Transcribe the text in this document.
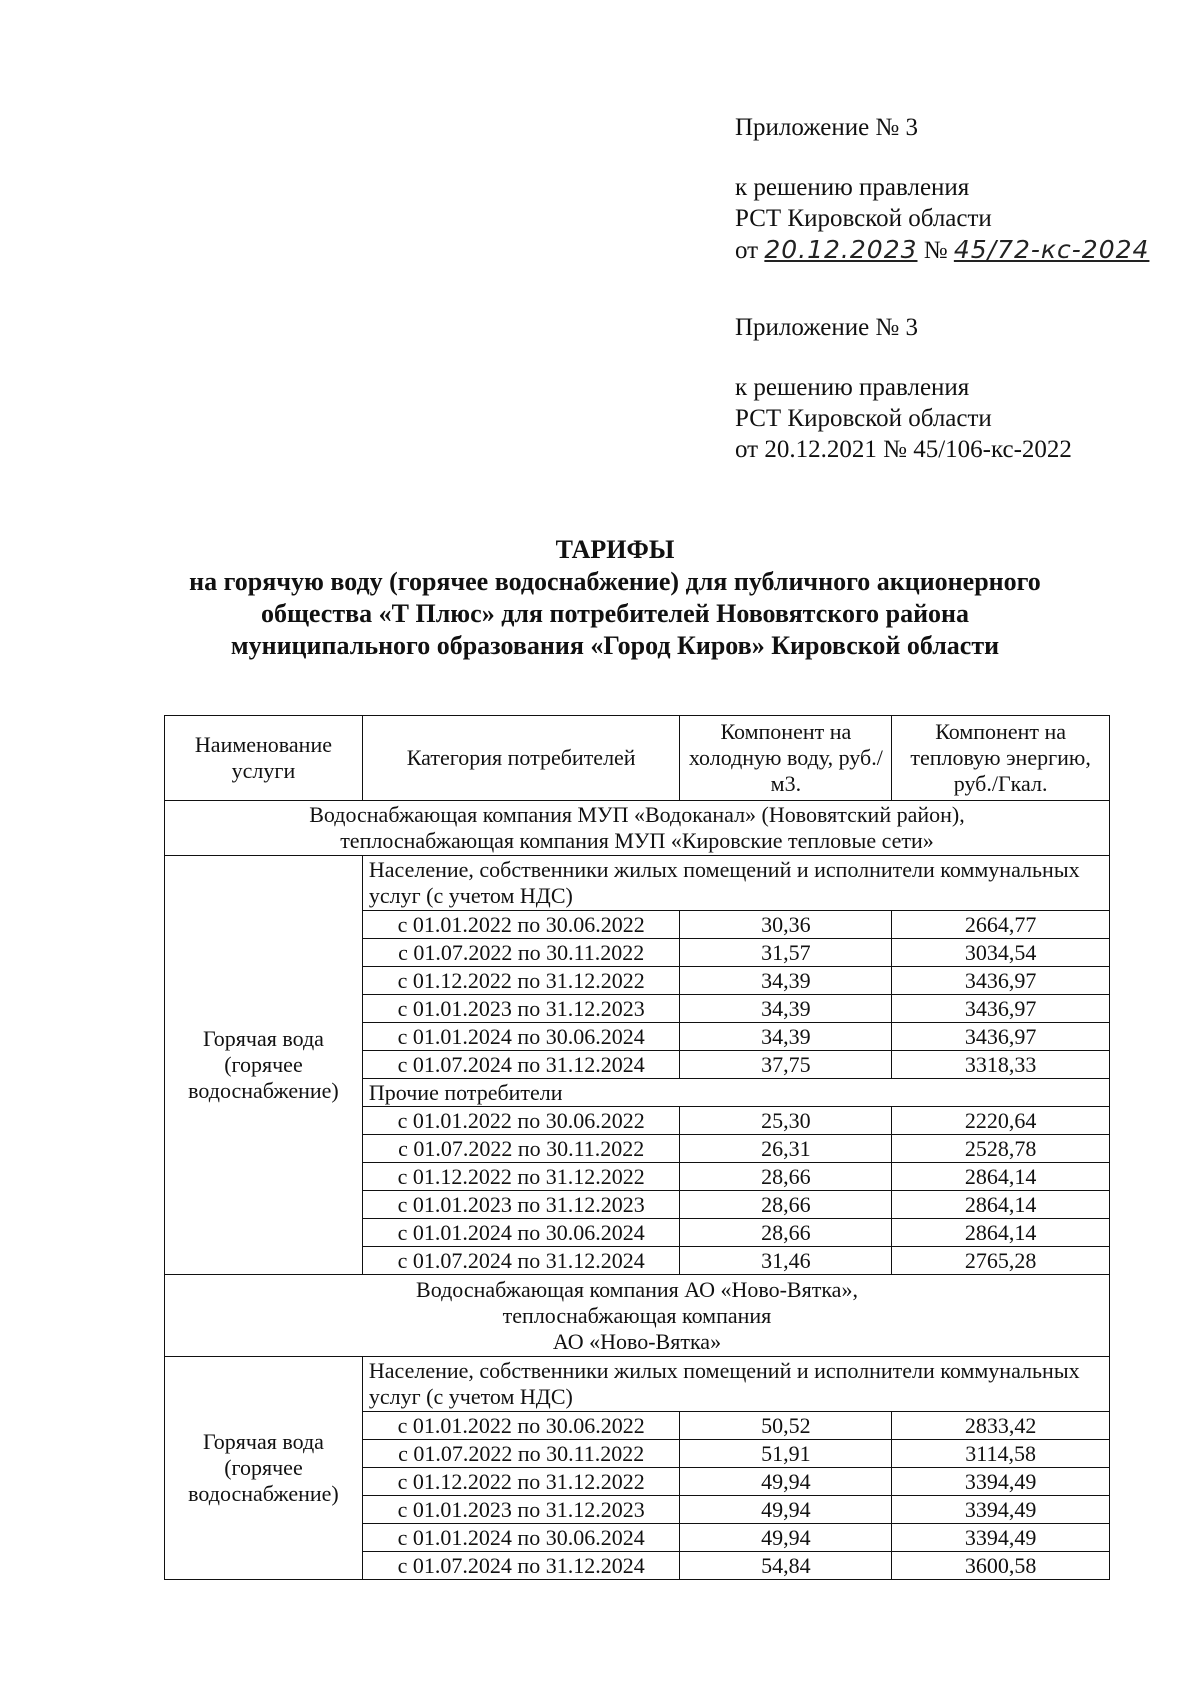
Приложение № 3
к решению правления
РСТ Кировской области
от 20.12.2023 № 45/72-кс-2024
Приложение № 3
к решению правления
РСТ Кировской области
от 20.12.2021 № 45/106-кс-2022
ТАРИФЫ
на горячую воду (горячее водоснабжение) для публичного акционерного
общества «Т Плюс» для потребителей Нововятского района
муниципального образования «Город Киров» Кировской области
Наименование услуги	Категория потребителей	Компонент на холодную воду, руб./м3.	Компонент на тепловую энергию, руб./Гкал.

Водоснабжающая компания МУП «Водоканал» (Нововятский район),
теплоснабжающая компания МУП «Кировские тепловые сети»			

Горячая вода (горячее водоснабжение)	Население, собственники жилых помещений и исполнители коммунальных услуг (с учетом НДС)		
	с 01.01.2022 по 30.06.2022	30,36	2664,77
	с 01.07.2022 по 30.11.2022	31,57	3034,54
	с 01.12.2022 по 31.12.2022	34,39	3436,97
	с 01.01.2023 по 31.12.2023	34,39	3436,97
	с 01.01.2024 по 30.06.2024	34,39	3436,97
	с 01.07.2024 по 31.12.2024	37,75	3318,33
	Прочие потребители		
	с 01.01.2022 по 30.06.2022	25,30	2220,64
	с 01.07.2022 по 30.11.2022	26,31	2528,78
	с 01.12.2022 по 31.12.2022	28,66	2864,14
	с 01.01.2023 по 31.12.2023	28,66	2864,14
	с 01.01.2024 по 30.06.2024	28,66	2864,14
	с 01.07.2024 по 31.12.2024	31,46	2765,28

Водоснабжающая компания АО «Ново-Вятка»,
теплоснабжающая компания
АО «Ново-Вятка»			

Горячая вода (горячее водоснабжение)	Население, собственники жилых помещений и исполнители коммунальных услуг (с учетом НДС)		
	с 01.01.2022 по 30.06.2022	50,52	2833,42
	с 01.07.2022 по 30.11.2022	51,91	3114,58
	с 01.12.2022 по 31.12.2022	49,94	3394,49
	с 01.01.2023 по 31.12.2023	49,94	3394,49
	с 01.01.2024 по 30.06.2024	49,94	3394,49
	с 01.07.2024 по 31.12.2024	54,84	3600,58
